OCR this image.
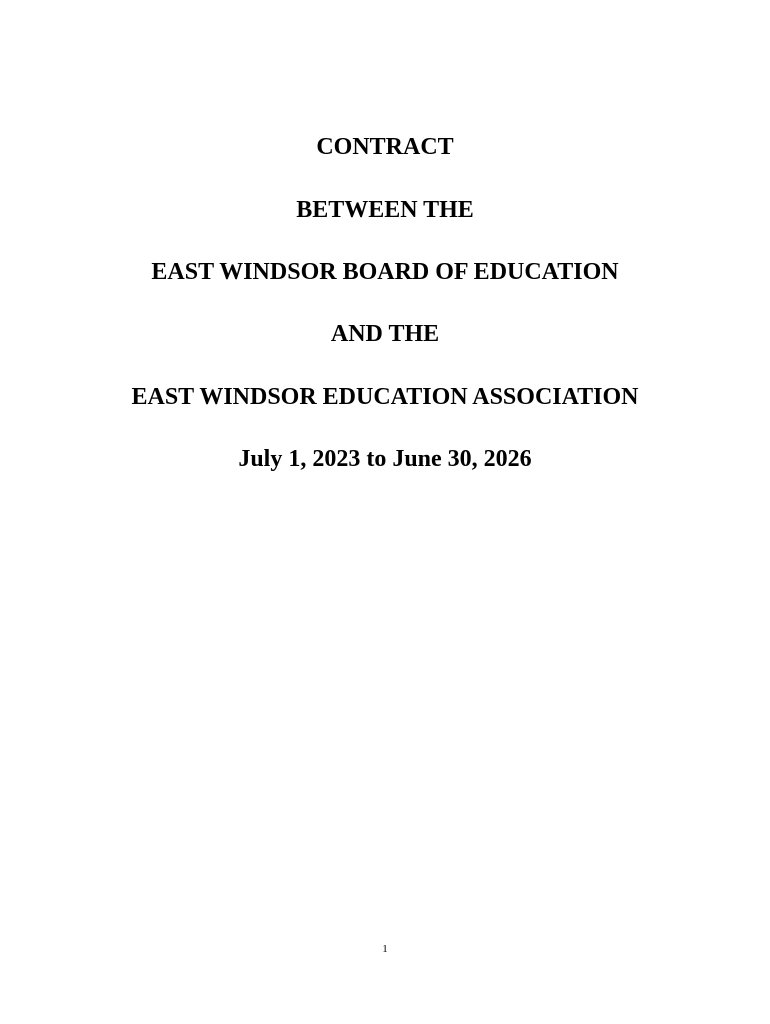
CONTRACT
BETWEEN THE
EAST WINDSOR BOARD OF EDUCATION
AND THE
EAST WINDSOR EDUCATION ASSOCIATION
July 1, 2023 to June 30, 2026
1
